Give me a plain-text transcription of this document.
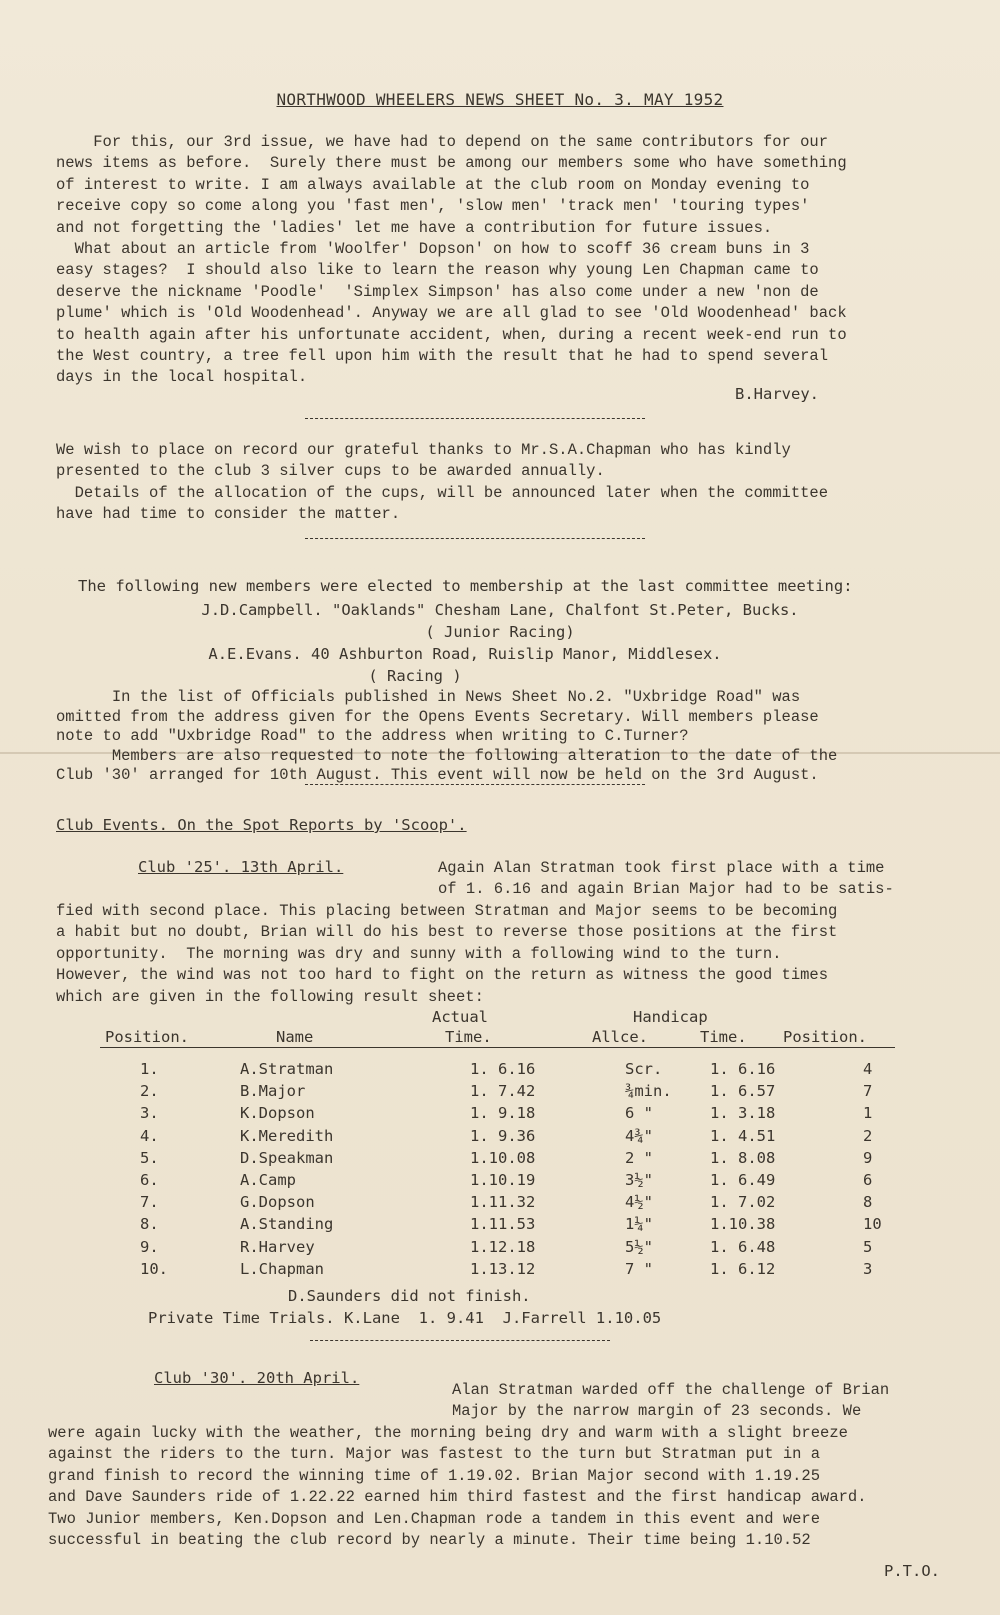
NORTHWOOD WHEELERS NEWS SHEET No. 3. MAY 1952
For this, our 3rd issue, we have had to depend on the same contributors for our
news items as before.  Surely there must be among our members some who have something
of interest to write. I am always available at the club room on Monday evening to
receive copy so come along you 'fast men', 'slow men' 'track men' 'touring types'
and not forgetting the 'ladies' let me have a contribution for future issues.
What about an article from 'Woolfer' Dopson' on how to scoff 36 cream buns in 3
easy stages?  I should also like to learn the reason why young Len Chapman came to
deserve the nickname 'Poodle'  'Simplex Simpson' has also come under a new 'non de
plume' which is 'Old Woodenhead'. Anyway we are all glad to see 'Old Woodenhead' back
to health again after his unfortunate accident, when, during a recent week-end run to
the West country, a tree fell upon him with the result that he had to spend several
days in the local hospital.
B.Harvey.
We wish to place on record our grateful thanks to Mr.S.A.Chapman who has kindly
presented to the club 3 silver cups to be awarded annually.
Details of the allocation of the cups, will be announced later when the committee
have had time to consider the matter.
The following new members were elected to membership at the last committee meeting:
J.D.Campbell. "Oaklands" Chesham Lane, Chalfont St.Peter, Bucks.
( Junior Racing)
A.E.Evans. 40 Ashburton Road, Ruislip Manor, Middlesex.
( Racing )
In the list of Officials published in News Sheet No.2. "Uxbridge Road" was
omitted from the address given for the Opens Events Secretary. Will members please
note to add "Uxbridge Road" to the address when writing to C.Turner?
Members are also requested to note the following alteration to the date of the
Club '30' arranged for 10th August. This event will now be held on the 3rd August.
Club Events. On the Spot Reports by 'Scoop'.
Club '25'. 13th April.	Again Alan Stratman took first place with a time
of 1. 6.16 and again Brian Major had to be satis-
fied with second place. This placing between Stratman and Major seems to be becoming
a habit but no doubt, Brian will do his best to reverse those positions at the first
opportunity.  The morning was dry and sunny with a following wind to the turn.
However, the wind was not too hard to fight on the return as witness the good times
which are given in the following result sheet:
Actual	Handicap
Position.	Name	Time.	Allce.	Time. Position.
1.	A.Stratman	1. 6.16	Scr.	1. 6.16	4
2.	B.Major	1. 7.42	¾min.	1. 6.57	7
3.	K.Dopson	1. 9.18	6 "	1. 3.18	1
4.	K.Meredith	1. 9.36	4¾"	1. 4.51	2
5.	D.Speakman	1.10.08	2 "	1. 8.08	9
6.	A.Camp	1.10.19	3½"	1. 6.49	6
7.	G.Dopson	1.11.32	4½"	1. 7.02	8
8.	A.Standing	1.11.53	1¼"	1.10.38	10
9.	R.Harvey	1.12.18	5½"	1. 6.48	5
10.	L.Chapman	1.13.12	7 "	1. 6.12	3
D.Saunders did not finish.
Private Time Trials. K.Lane  1. 9.41  J.Farrell 1.10.05
Club '30'. 20th April.
Alan Stratman warded off the challenge of Brian
Major by the narrow margin of 23 seconds. We
were again lucky with the weather, the morning being dry and warm with a slight breeze
against the riders to the turn. Major was fastest to the turn but Stratman put in a
grand finish to record the winning time of 1.19.02. Brian Major second with 1.19.25
and Dave Saunders ride of 1.22.22 earned him third fastest and the first handicap award.
Two Junior members, Ken.Dopson and Len.Chapman rode a tandem in this event and were
successful in beating the club record by nearly a minute. Their time being 1.10.52
P.T.O.
